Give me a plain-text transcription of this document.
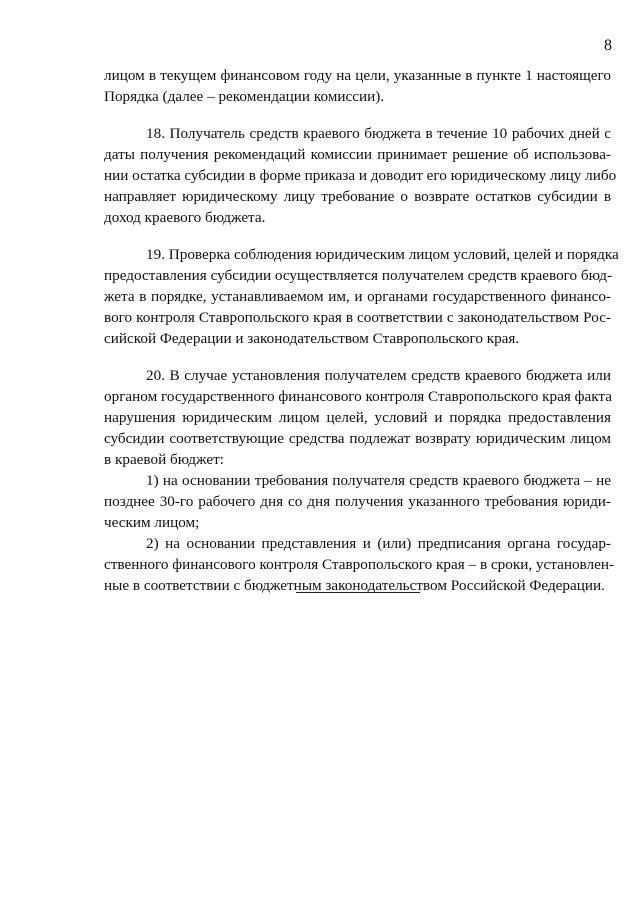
8
лицом в текущем финансовом году на цели, указанные в пункте 1 настоящего
Порядка (далее – рекомендации комиссии).
18. Получатель средств краевого бюджета в течение 10 рабочих дней с
даты получения рекомендаций комиссии принимает решение об использова-
нии остатка субсидии в форме приказа и доводит его юридическому лицу либо
направляет юридическому лицу требование о возврате остатков субсидии в
доход краевого бюджета.
19. Проверка соблюдения юридическим лицом условий, целей и порядка
предоставления субсидии осуществляется получателем средств краевого бюд-
жета в порядке, устанавливаемом им, и органами государственного финансо-
вого контроля Ставропольского края в соответствии с законодательством Рос-
сийской Федерации и законодательством Ставропольского края.
20. В случае установления получателем средств краевого бюджета или
органом государственного финансового контроля Ставропольского края факта
нарушения юридическим лицом целей, условий и порядка предоставления
субсидии соответствующие средства подлежат возврату юридическим лицом
в краевой бюджет:
1) на основании требования получателя средств краевого бюджета – не
позднее 30-го рабочего дня со дня получения указанного требования юриди-
ческим лицом;
2) на основании представления и (или) предписания органа государ-
ственного финансового контроля Ставропольского края – в сроки, установлен-
ные в соответствии с бюджетным законодательством Российской Федерации.
